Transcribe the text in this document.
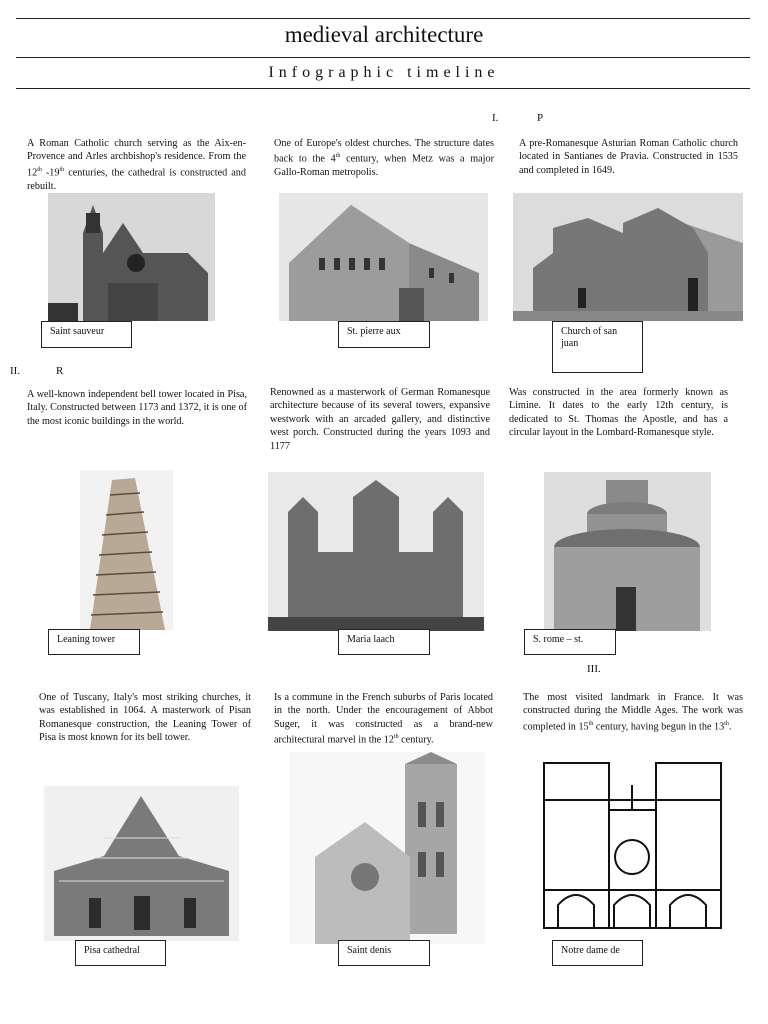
medieval architecture
Infographic timeline
I.	P
II.	R
III.
A Roman Catholic church serving as the Aix-en-Provence and Arles archbishop's residence. From the 12th -19th centuries, the cathedral is constructed and rebuilt.
Saint sauveur
One of Europe's oldest churches. The structure dates back to the 4th century, when Metz was a major Gallo-Roman metropolis.
St. pierre aux
A pre-Romanesque Asturian Roman Catholic church located in Santianes de Pravia. Constructed in 1535 and completed in 1649.
Church of san
juan
A well-known independent bell tower located in Pisa, Italy. Constructed between 1173 and 1372, it is one of the most iconic buildings in the world.
Leaning tower
Renowned as a masterwork of German Romanesque architecture because of its several towers, expansive westwork with an arcaded gallery, and distinctive west porch. Constructed during the years 1093 and 1177
Maria laach
Was constructed in the area formerly known as Limine. It dates to the early 12th century, is dedicated to St. Thomas the Apostle, and has a circular layout in the Lombard-Romanesque style.
S. rome – st.
One of Tuscany, Italy's most striking churches, it was established in 1064. A masterwork of Pisan Romanesque construction, the Leaning Tower of Pisa is most known for its bell tower.
Pisa cathedral
Is a commune in the French suburbs of Paris located in the north. Under the encouragement of Abbot Suger, it was constructed as a brand-new architectural marvel in the 12th century.
Saint denis
The most visited landmark in France. It was constructed during the Middle Ages. The work was completed in 15th century, having begun in the 13th.
Notre dame de
